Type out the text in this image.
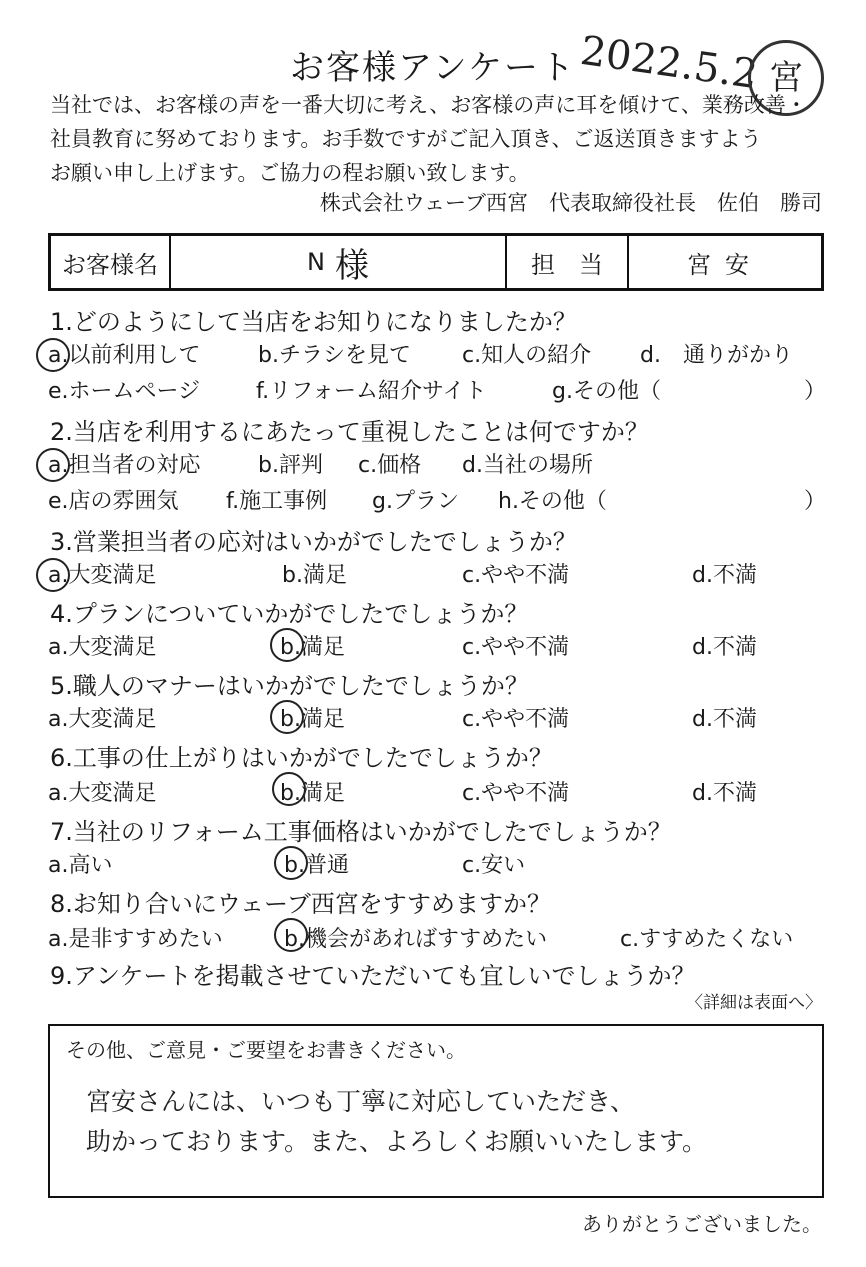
お客様アンケート 2022.5.2 宮
当社では、お客様の声を一番大切に考え、お客様の声に耳を傾けて、業務改善・
社員教育に努めております。お手数ですがご記入頂き、ご返送頂きますよう
お願い申し上げます。ご協力の程お願い致します。
株式会社ウェーブ西宮　代表取締役社長　佐伯　勝司
お客様名	N 様	担　当	宮安
1.どのようにして当店をお知りになりましたか？
a.以前利用して	b.チラシを見て c.知人の紹介 d.　通りがかり
e.ホームページ	f.リフォーム紹介サイト	g.その他（	）
2.当店を利用するにあたって重視したことは何ですか？
a.担当者の対応	b.評判 c.価格 d.当社の場所
e.店の雰囲気 f.施工事例 g.プラン h.その他（	）
3.営業担当者の応対はいかがでしたでしょうか？
a.大変満足	b.満足	c.やや不満	d.不満
4.プランについていかがでしたでしょうか？
a.大変満足	b.満足	c.やや不満	d.不満
5.職人のマナーはいかがでしたでしょうか？
a.大変満足	b.満足	c.やや不満	d.不満
6.工事の仕上がりはいかがでしたでしょうか？
a.大変満足	b.満足	c.やや不満	d.不満
7.当社のリフォーム工事価格はいかがでしたでしょうか？
a.高い	b.普通	c.安い
8.お知り合いにウェーブ西宮をすすめますか？
a.是非すすめたい	b.機会があればすすめたい	c.すすめたくない
9.アンケートを掲載させていただいても宜しいでしょうか？
〈詳細は表面へ〉
その他、ご意見・ご要望をお書きください。
宮安さんには、いつも丁寧に対応していただき、
助かっております。また、よろしくお願いいたします。
ありがとうございました。
